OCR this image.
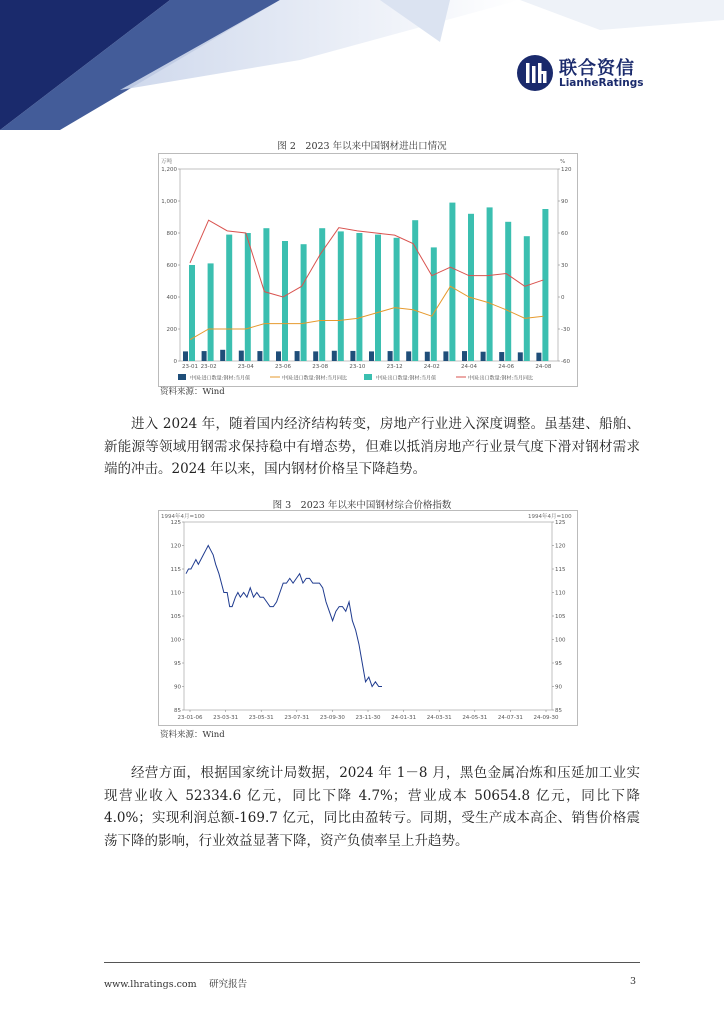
联合资信
LianheRatings
图 2　2023 年以来中国钢材进出口情况
万吨	%
0
200
400
600
800
1,000
1,200
-60
-30
0
30
60
90
120
23-01 23-02	23-04	23-06	23-08	23-10	23-12	24-02	24-04	24-06	24-08
中国:进口数量:钢材:当月值	中国:进口数量:钢材:当月同比	中国:出口数量:钢材:当月值	中国:出口数量:钢材:当月同比
资料来源：Wind
进入 2024 年，随着国内经济结构转变，房地产行业进入深度调整。虽基建、船舶、新能源等领域用钢需求保持稳中有增态势，但难以抵消房地产行业景气度下滑对钢材需求端的冲击。2024 年以来，国内钢材价格呈下降趋势。
图 3　2023 年以来中国钢材综合价格指数
1994年4月=100	1994年4月=100
85	85
90	90
95	95
100	100
105	105
110	110
115	115
120	120
125	125
23-01-06 23-03-31 23-05-31 23-07-31 23-09-30 23-11-30 24-01-31 24-03-31 24-05-31 24-07-31 24-09-30
资料来源：Wind
经营方面，根据国家统计局数据，2024 年 1－8 月，黑色金属冶炼和压延加工业实现营业收入 52334.6 亿元，同比下降 4.7%；营业成本 50654.8 亿元，同比下降 4.0%；实现利润总额-169.7 亿元，同比由盈转亏。同期，受生产成本高企、销售价格震荡下降的影响，行业效益显著下降，资产负债率呈上升趋势。
www.lhratings.com　 研究报告	3
